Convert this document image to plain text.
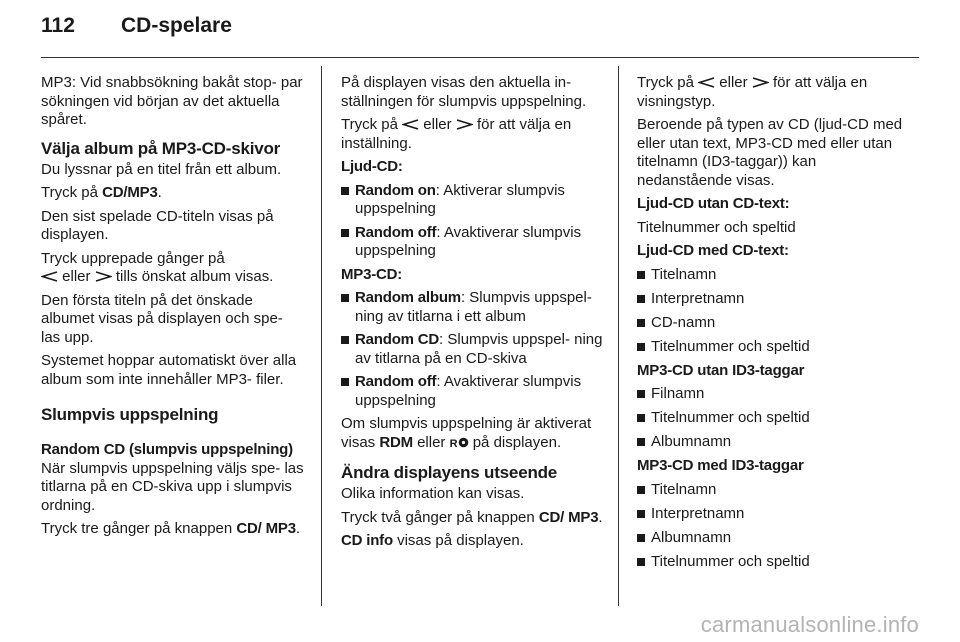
112	CD-spelare

MP3: Vid snabbsökning bakåt stop- par sökningen vid början av det aktuella spåret.

Välja album på MP3-CD-skivor

Du lyssnar på en titel från ett album.

Tryck på CD/MP3.

Den sist spelade CD-titeln visas på displayen.

Tryck upprepade gånger på
eller  tills önskat album visas.

Den första titeln på det önskade albumet visas på displayen och spe- las upp.

Systemet hoppar automatiskt över alla album som inte innehåller MP3- filer.

Slumpvis uppspelning
Random CD (slumpvis uppspelning)

När slumpvis uppspelning väljs spe- las titlarna på en CD-skiva upp i slumpvis ordning.

Tryck tre gånger på knappen CD/ MP3.

På displayen visas den aktuella in- ställningen för slumpvis uppspelning.

Tryck på  eller  för att välja en inställning.

Ljud-CD:
Random on: Aktiverar slumpvis uppspelning
Random off: Avaktiverar slumpvis uppspelning
MP3-CD:
Random album: Slumpvis uppspel- ning av titlarna i ett album
Random CD: Slumpvis uppspel- ning av titlarna på en CD-skiva
Random off: Avaktiverar slumpvis uppspelning

Om slumpvis uppspelning är aktiverat visas RDM eller R på displayen.

Ändra displayens utseende

Olika information kan visas.

Tryck två gånger på knappen CD/ MP3.

CD info visas på displayen.

Tryck på  eller  för att välja en visningstyp.

Beroende på typen av CD (ljud-CD med eller utan text, MP3-CD med eller utan titelnamn (ID3-taggar)) kan nedanstående visas.

Ljud-CD utan CD-text:

Titelnummer och speltid

Ljud-CD med CD-text:
Titelnamn
Interpretnamn
CD-namn
Titelnummer och speltid
MP3-CD utan ID3-taggar
Filnamn
Titelnummer och speltid
Albumnamn
MP3-CD med ID3-taggar
Titelnamn
Interpretnamn
Albumnamn
Titelnummer och speltid
carmanualsonline.info
